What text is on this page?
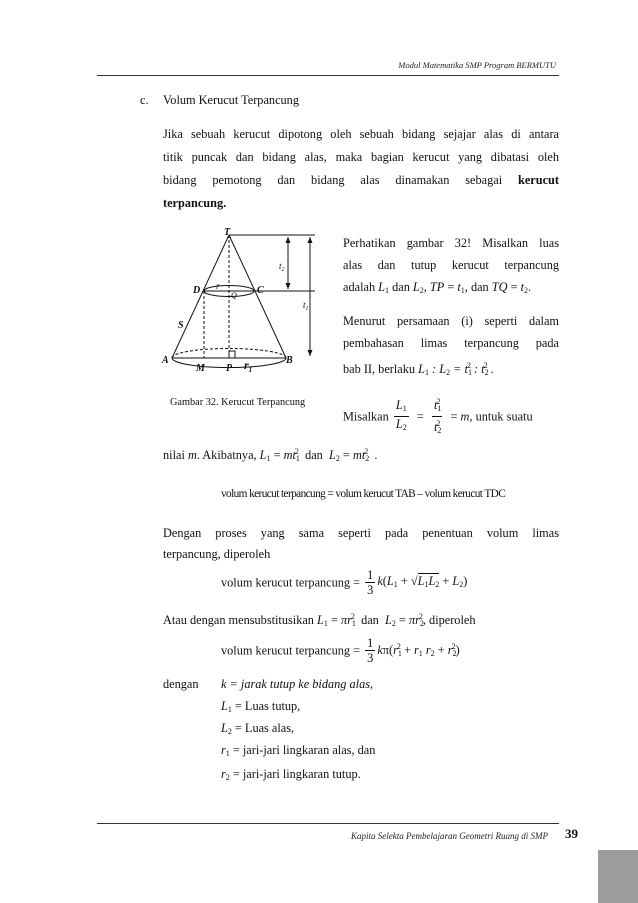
Modul Matematika SMP Program BERMUTU
c. Volum Kerucut Terpancung
Jika sebuah kerucut dipotong oleh sebuah bidang sejajar alas di antara
titik puncak dan bidang alas, maka bagian kerucut yang dibatasi oleh
bidang pemotong dan bidang alas dinamakan sebagai kerucut
terpancung.
T
D	C
r
Q
S
A
M P $r_1$
B
$t_2$
$t_1$
Gambar 32. Kerucut Terpancung
Perhatikan gambar 32! Misalkan luas
alas dan tutup kerucut terpancung
adalah $L_1$ dan $L_2$, TP = $t_1$, dan TQ = $t_2$.
Menurut persamaan (i) seperti dalam
pembahasan limas terpancung pada
bab II, berlaku $L_1$ : $L_2 = t_1^2$ : $t_2^2$ .
Misalkan $\frac{L_1}{L_2} = \frac{t_1^2}{t_2^2} = m$, untuk suatu
nilai m. Akibatnya, $L_1 = mt_1^2$ dan $L_2 = mt_2^2$ .
volum kerucut terpancung = volum kerucut TAB – volum kerucut TDC
Dengan proses yang sama seperti pada penentuan volum limas
terpancung, diperoleh
volum kerucut terpancung = $\frac{1}{3} k(L_1 + √L_1L_2 + L_2)$
Atau dengan mensubstitusikan $L_1 = \pi r_1^2$ dan $L_2 = \pi r_2^2$, diperoleh
volum kerucut terpancung = $\frac{1}{3} k\pi(r_1^2 + r_1$ $r_2 + r_2^2$)
dengan k = jarak tutup ke bidang alas,
$L_1$ = Luas tutup,
$L_2$ = Luas alas,
$r_1$ = jari-jari lingkaran alas, dan
$r_2$ = jari-jari lingkaran tutup.
Kapita Selekta Pembelajaran Geometri Ruang di SMP 39
